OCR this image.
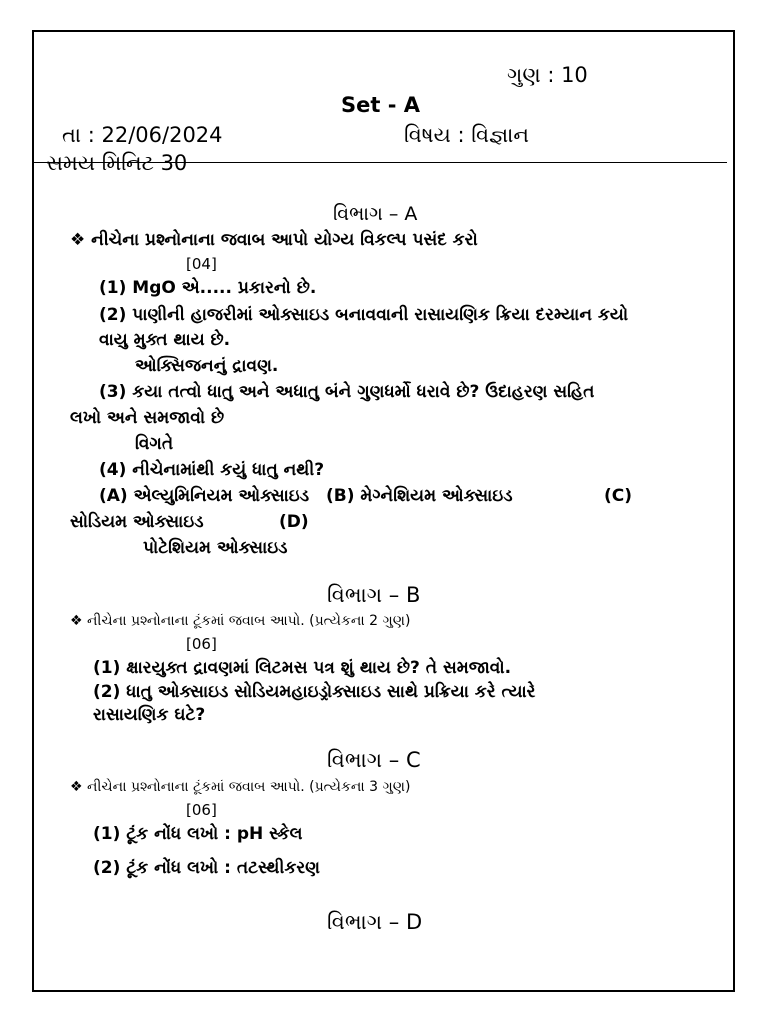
ગુણ : 10
Set - A
તા : 22/06/2024	વિષય : વિજ્ઞાન
સમય મિનિટ 30
વિભાગ – A
❖ નીચેના પ્રશ્નોનાના જવાબ આપો યોગ્ય વિકલ્પ પસંદ કરો
[04]
(1) MgO એ..... પ્રકારનો છે.
(2) પાણીની હાજરીમાં ઓક્સાઇડ બનાવવાની રાસાયણિક ક્રિયા દરમ્યાન કયો
વાયુ મુક્ત થાય છે.
ઓક્સિજનનું દ્રાવણ.
(3) કયા તત્વો ધાતુ અને અધાતુ બંને ગુણધર્મો ધરાવે છે? ઉદાહરણ સહિત
લખો અને સમજાવો છે
વિગતે
(4) નીચેનામાંથી કયું ધાતુ નથી?
(A) એલ્યુમિનિયમ ઓક્સાઇડ (B) મેગ્નેશિયમ ઓક્સાઇડ	(C)
સોડિયમ ઓક્સાઇડ	(D)
પોટેશિયમ ઓક્સાઇડ
વિભાગ – B
❖ નીચેના પ્રશ્નોનાના ટૂંકમાં જવાબ આપો. (પ્રત્યેકના 2 ગુણ)
[06]
(1) ક્ષારયુક્ત દ્રાવણમાં લિટમસ પત્ર શું થાય છે? તે સમજાવો.
(2) ધાતુ ઓક્સાઇડ સોડિયમહાઇડ્રોક્સાઇડ સાથે પ્રક્રિયા કરે ત્યારે
રાસાયણિક ઘટે?
વિભાગ – C
❖ નીચેના પ્રશ્નોનાના ટૂંકમાં જવાબ આપો. (પ્રત્યેકના 3 ગુણ)
[06]
(1) ટૂંક નોંધ લખો : pH સ્કેલ
(2) ટૂંક નોંધ લખો : તટસ્થીકરણ
વિભાગ – D
